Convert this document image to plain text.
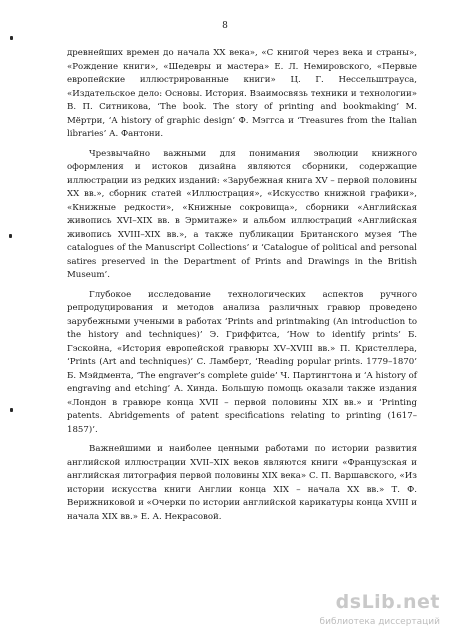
8

древнейших времен до начала XX века», «С книгой через века и страны», «Рождение книги», «Шедевры и мастера» Е. Л. Немировского, «Первые европейские иллюстрированные книги» Ц. Г. Нессельштрауса, «Издательское дело: Основы. История. Взаимосвязь техники и технологии» В. П. Ситникова, ‘The book. The story of printing and bookmaking’ М. Мёртри, ‘A history of graphic design’ Ф. Мэггса и ‘Treasures from the Italian libraries’ А. Фантони.

Чрезвычайно важными для понимания эволюции книжного оформления и истоков дизайна являются сборники, содержащие иллюстрации из редких изданий: «Зарубежная книга XV – первой половины XX вв.», сборник статей «Иллюстрация», «Искусство книжной графики», «Книжные редкости», «Книжные сокровища», сборники «Английская живопись XVI–XIX вв. в Эрмитаже» и альбом иллюстраций «Английская живопись XVIII–XIX вв.», а также публикации Британского музея ‘The catalogues of the Manuscript Collections’ и ‘Catalogue of political and personal satires preserved in the Department of Prints and Drawings in the British Museum’.

Глубокое исследование технологических аспектов ручного репродуцирования и методов анализа различных гравюр проведено зарубежными учеными в работах ‘Prints and printmaking (An introduction to the history and techniques)’ Э. Гриффитса, ‘How to identify prints’ Б. Гэскойна, «История европейской гравюры XV–XVIII вв.» П. Кристеллера, ‘Prints (Art and techniques)’ С. Ламберт, ‘Reading popular prints. 1779–1870’ Б. Мэйдмента, ‘The engraver’s complete guide’ Ч. Партингтона и ‘A history of engraving and etching’ А. Хинда. Большую помощь оказали также издания «Лондон в гравюре конца XVII – первой половины XIX вв.» и ‘Printing patents. Abridgements of patent specifications relating to printing (1617–1857)’.

Важнейшими и наиболее ценными работами по истории развития английской иллюстрации XVII–XIX веков являются книги «Французская и английская литография первой половины XIX века» С. П. Варшавского, «Из истории искусства книги Англии конца XIX – начала XX вв.» Т. Ф. Верижниковой и «Очерки по истории английской карикатуры конца XVIII и начала XIX вв.» Е. А. Некрасовой.

dsLib.net
библиотека диссертаций
